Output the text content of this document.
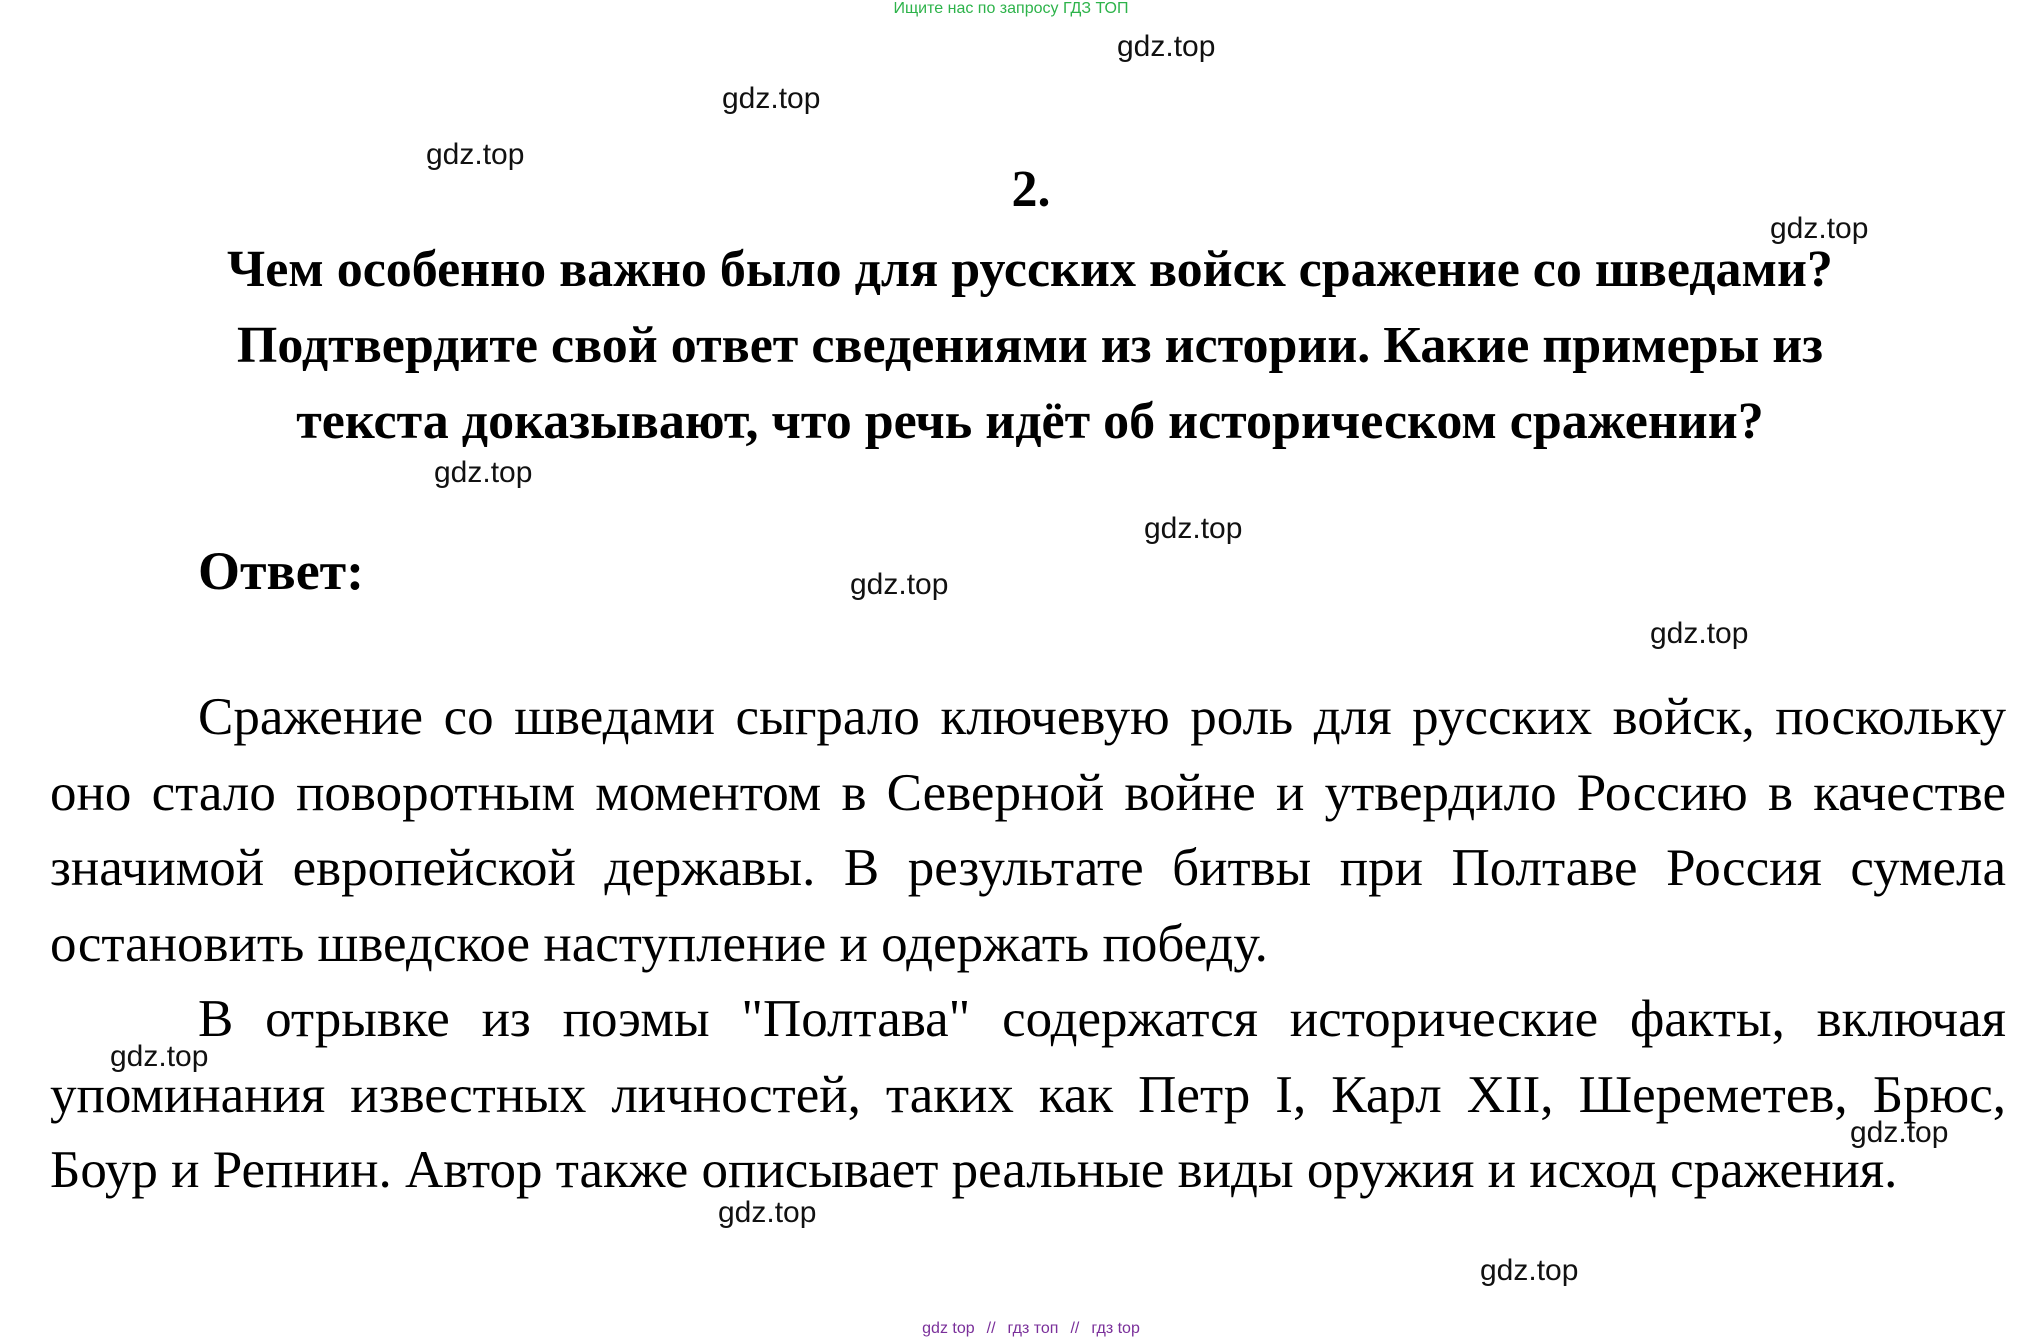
Ищите нас по запросу ГДЗ ТОП
gdz.top
gdz.top
gdz.top
gdz.top
gdz.top
gdz.top
gdz.top
gdz.top
gdz.top
gdz.top
gdz.top
gdz.top
2.
Чем особенно важно было для русских войск сражение со шведами?
Подтвердите свой ответ сведениями из истории. Какие примеры из
текста доказывают, что речь идёт об историческом сражении?
Ответ:

Сражение со шведами сыграло ключевую роль для русских войск, поскольку оно стало поворотным моментом в Северной войне и утвердило Россию в качестве значимой европейской державы. В результате битвы при Полтаве Россия сумела остановить шведское наступление и одержать победу.

В отрывке из поэмы "Полтава" содержатся исторические факты, включая упоминания известных личностей, таких как Петр I, Карл XII, Шереметев, Брюс, Боур и Репнин. Автор также описывает реальные виды оружия и исход сражения.

gdz top // гдз топ // гдз top
